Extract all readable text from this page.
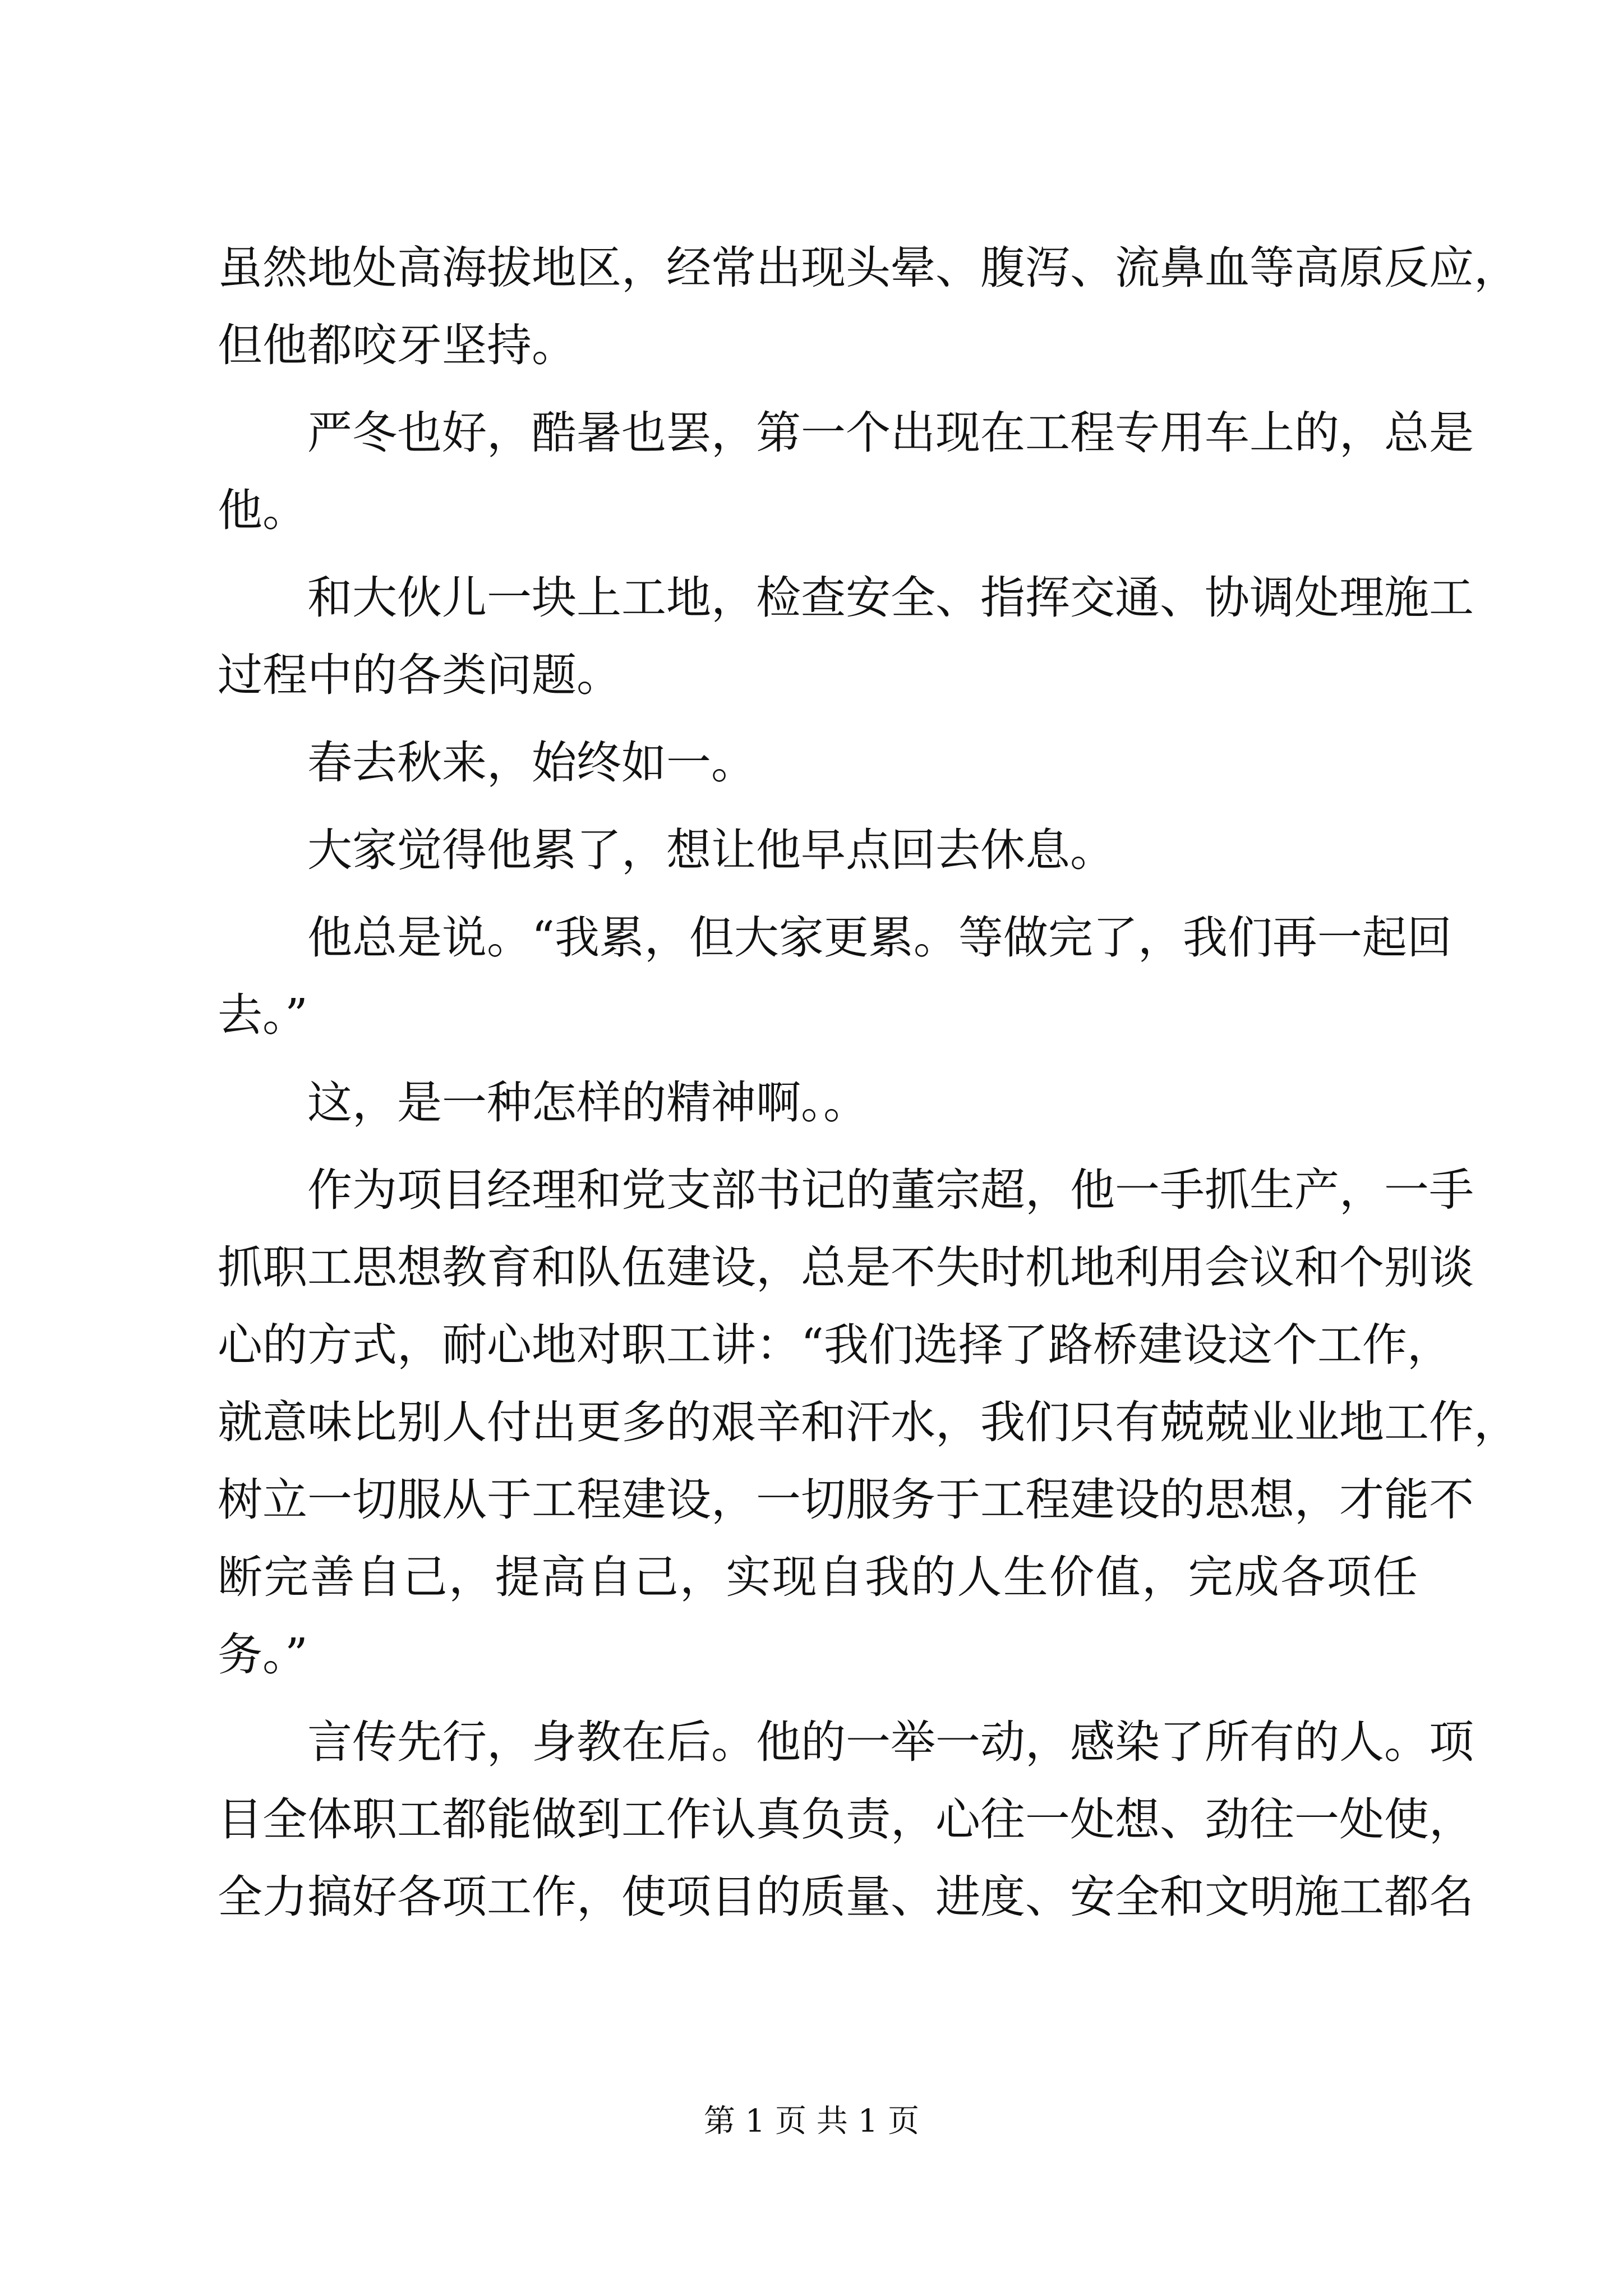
虽然地处高海拔地区，经常出现头晕、腹泻、流鼻血等高原反应，
但他都咬牙坚持。
严冬也好，酷暑也罢，第一个出现在工程专用车上的，总是
他。
和大伙儿一块上工地，检查安全、指挥交通、协调处理施工
过程中的各类问题。
春去秋来，始终如一。
大家觉得他累了，想让他早点回去休息。
他总是说。“我累，但大家更累。等做完了，我们再一起回
去。”
这，是一种怎样的精神啊。。
作为项目经理和党支部书记的董宗超，他一手抓生产，一手
抓职工思想教育和队伍建设，总是不失时机地利用会议和个别谈
心的方式，耐心地对职工讲：“我们选择了路桥建设这个工作，
就意味比别人付出更多的艰辛和汗水，我们只有兢兢业业地工作，
树立一切服从于工程建设，一切服务于工程建设的思想，才能不
断完善自己，提高自己，实现自我的人生价值，完成各项任
务。”
言传先行，身教在后。他的一举一动，感染了所有的人。项
目全体职工都能做到工作认真负责，心往一处想、劲往一处使，
全力搞好各项工作，使项目的质量、进度、安全和文明施工都名
第 1 页 共 1 页
